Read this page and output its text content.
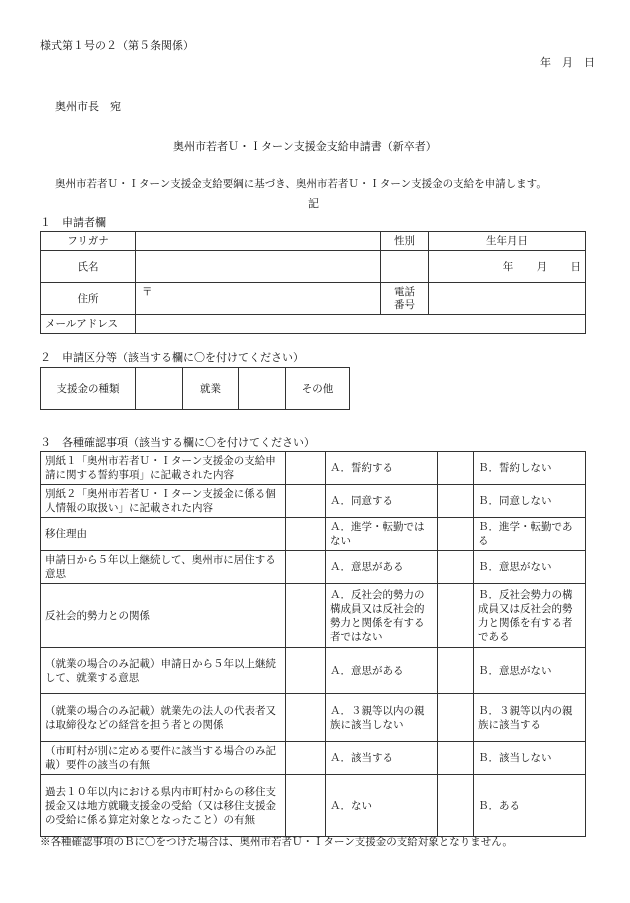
様式第１号の２（第５条関係）
年　月　日
奥州市長　宛
奥州市若者Ｕ・Ｉターン支援金支給申請書（新卒者）
奥州市若者Ｕ・Ｉターン支援金支給要綱に基づき、奥州市若者Ｕ・Ｉターン支援金の支給を申請します。
記
１　申請者欄
フリガナ		性別	生年月日
氏名			年 月 日
住所	〒	電話
番号	

メールアドレス			
２　申請区分等（該当する欄に〇を付けてください）
支援金の種類		就業		その他
３　各種確認事項（該当する欄に〇を付けてください）
別紙１「奥州市若者Ｕ・Ｉターン支援金の支給申請に関する誓約事項」に記載された内容		Ａ．誓約する		Ｂ．誓約しない
別紙２「奥州市若者Ｕ・Ｉターン支援金に係る個人情報の取扱い」に記載された内容		Ａ．同意する		Ｂ．同意しない
移住理由		Ａ．進学・転勤ではない		Ｂ．進学・転勤である
申請日から５年以上継続して、奥州市に居住する意思		Ａ．意思がある		Ｂ．意思がない
反社会的勢力との関係		Ａ．反社会的勢力の構成員又は反社会的勢力と関係を有する者ではない		Ｂ．反社会勢力の構成員又は反社会的勢力と関係を有する者である
（就業の場合のみ記載）申請日から５年以上継続して、就業する意思		Ａ．意思がある		Ｂ．意思がない
（就業の場合のみ記載）就業先の法人の代表者又は取締役などの経営を担う者との関係		Ａ．３親等以内の親族に該当しない		Ｂ．３親等以内の親族に該当する
（市町村が別に定める要件に該当する場合のみ記載）要件の該当の有無		Ａ．該当する		Ｂ．該当しない
過去１０年以内における県内市町村からの移住支援金又は地方就職支援金の受給（又は移住支援金の受給に係る算定対象となったこと）の有無		Ａ．ない		Ｂ．ある
※各種確認事項のＢに〇をつけた場合は、奥州市若者Ｕ・Ｉターン支援金の支給対象となりません。
